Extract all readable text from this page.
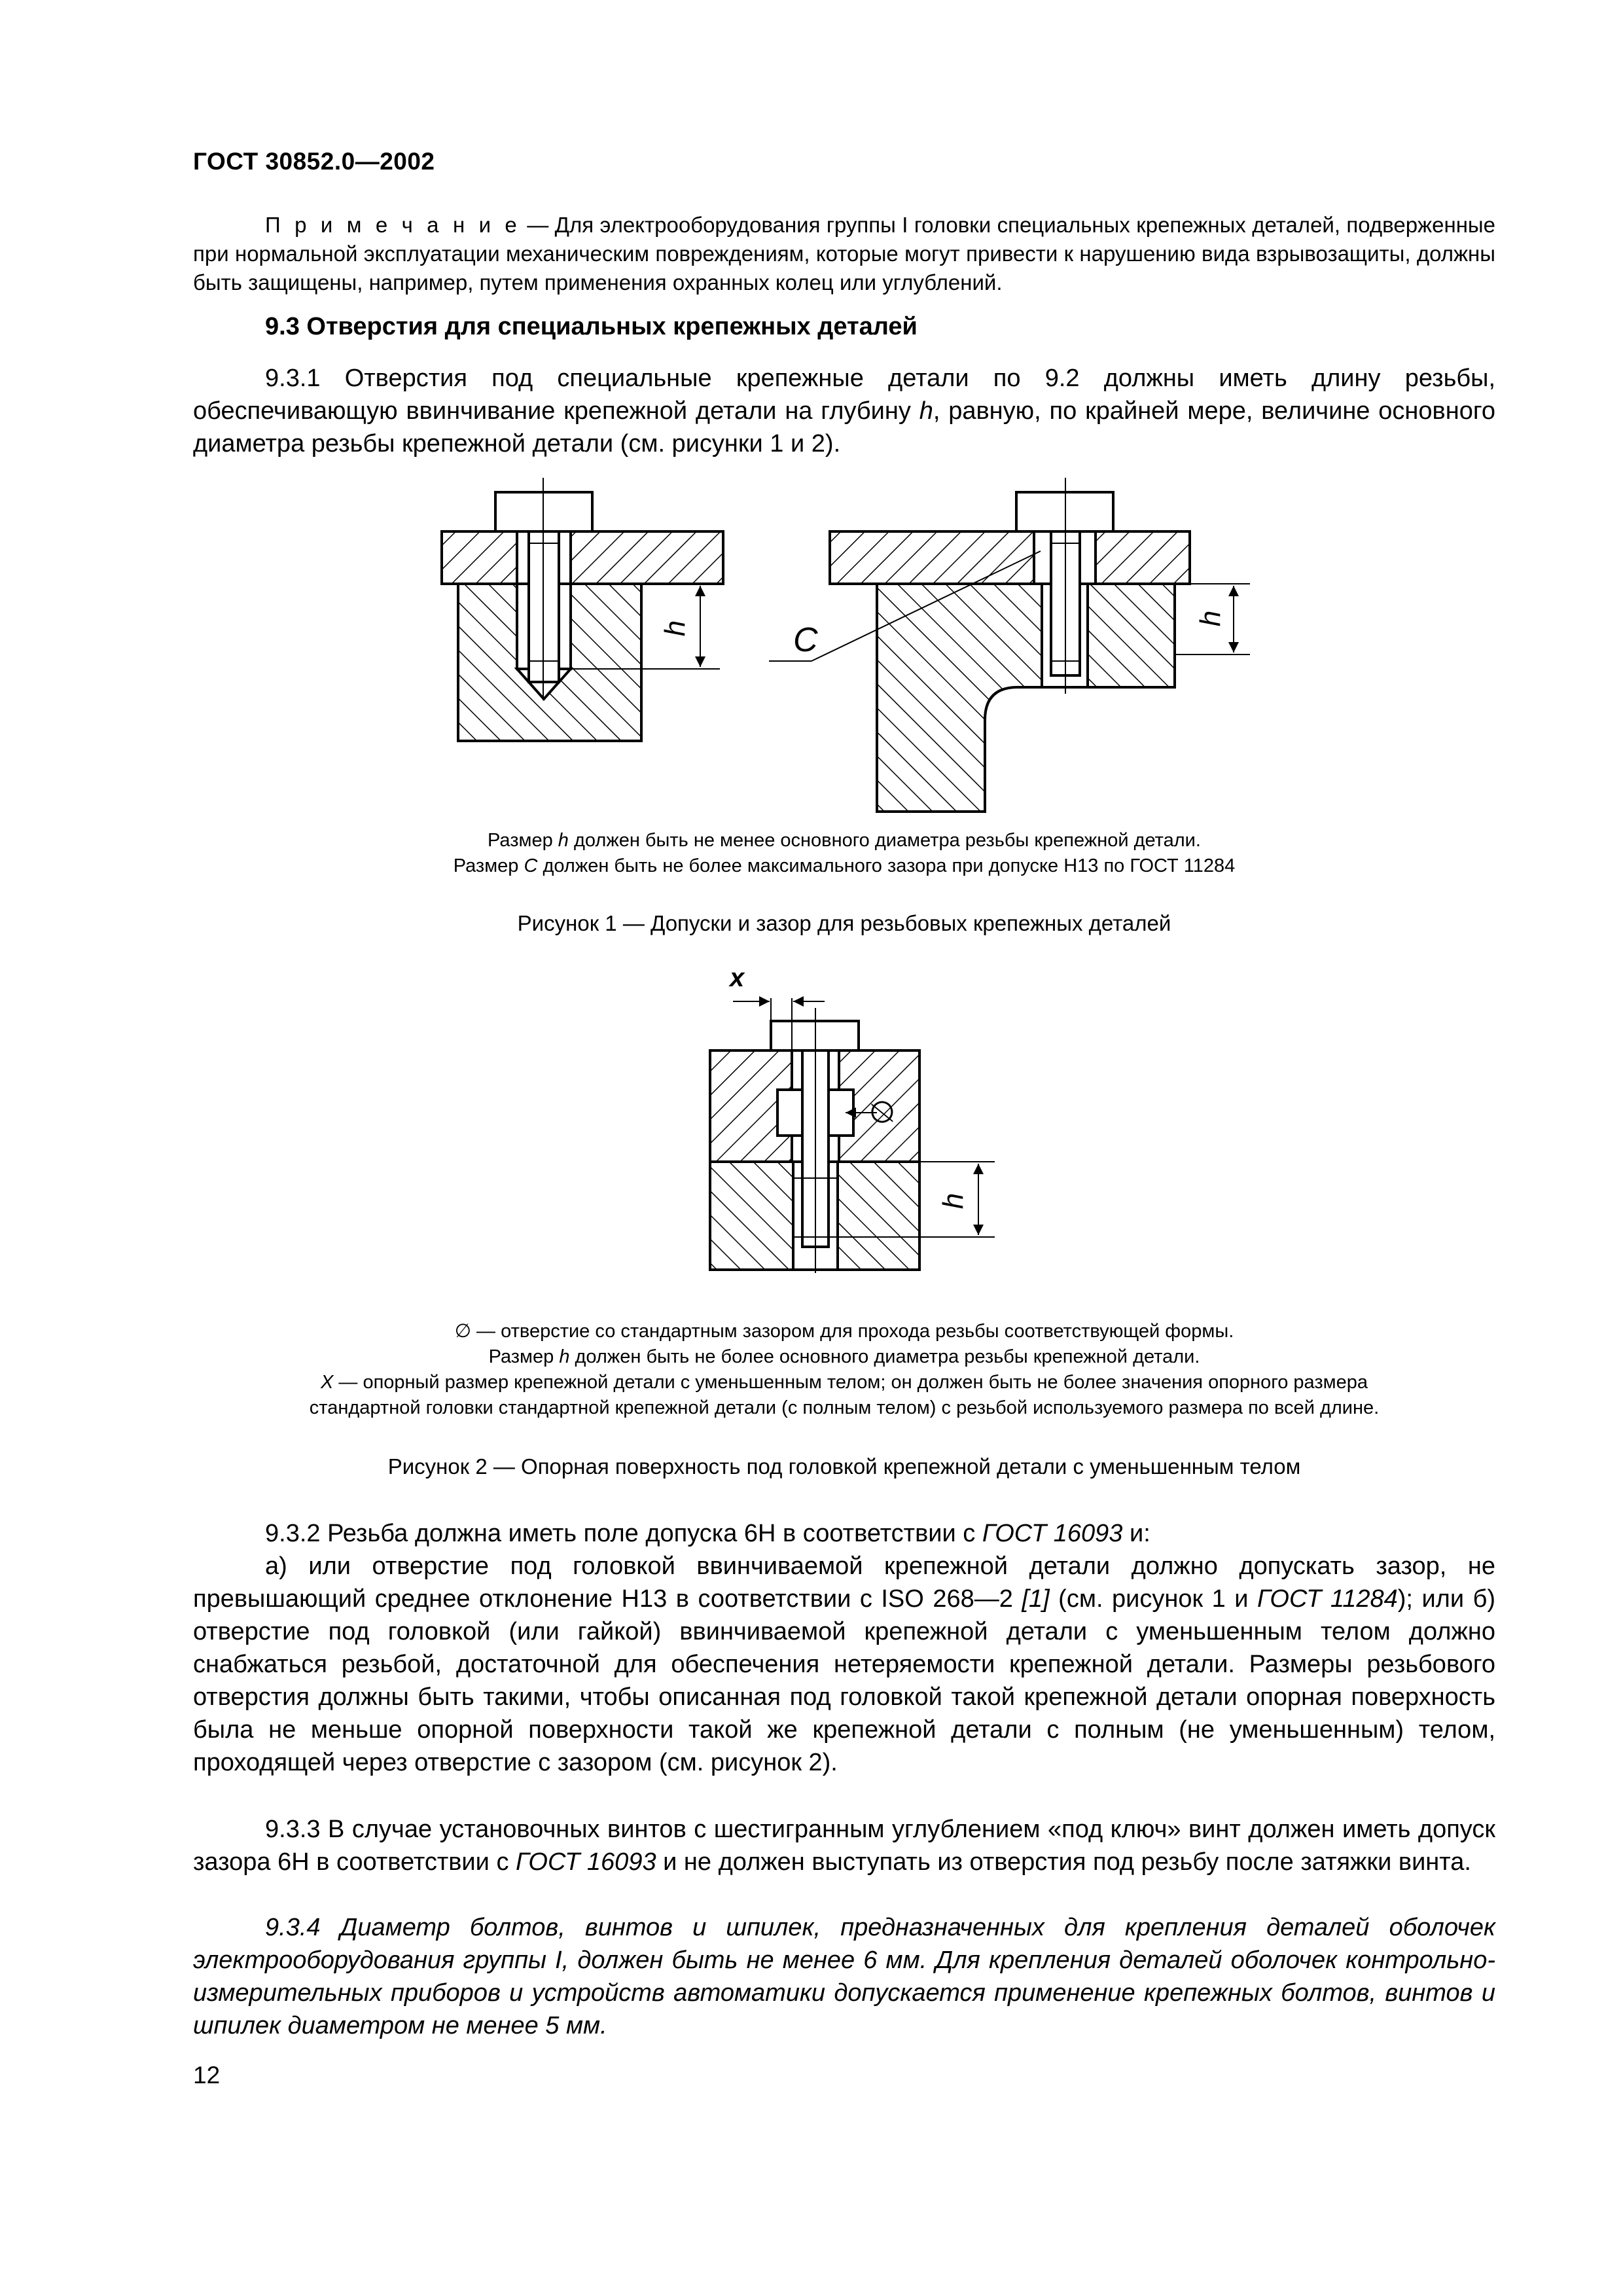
ГОСТ 30852.0—2002
П р и м е ч а н и е — Для электрооборудования группы I головки специальных крепежных деталей, подверженные при нормальной эксплуатации механическим повреждениям, которые могут привести к нарушению вида взрывозащиты, должны быть защищены, например, путем применения охранных колец или углублений.
9.3 Отверстия для специальных крепежных деталей
9.3.1 Отверстия под специальные крепежные детали по 9.2 должны иметь длину резьбы, обеспечивающую ввинчивание крепежной детали на глубину h, равную, по крайней мере, величине основного диаметра резьбы крепежной детали (см. рисунки 1 и 2).
h
h
C
x
∅
h
Размер h должен быть не менее основного диаметра резьбы крепежной детали.
Размер С должен быть не более максимального зазора при допуске Н13 по ГОСТ 11284
Рисунок 1 — Допуски и зазор для резьбовых крепежных деталей
∅ — отверстие со стандартным зазором для прохода резьбы соответствующей формы.
Размер h должен быть не более основного диаметра резьбы крепежной детали.
Х — опорный размер крепежной детали с уменьшенным телом; он должен быть не более значения опорного размера
стандартной головки стандартной крепежной детали (с полным телом) с резьбой используемого размера по всей длине.
Рисунок 2 — Опорная поверхность под головкой крепежной детали с уменьшенным телом
9.3.2 Резьба должна иметь поле допуска 6Н в соответствии с ГОСТ 16093 и:
а) или отверстие под головкой ввинчиваемой крепежной детали должно допускать зазор, не превышающий среднее отклонение Н13 в соответствии с ISO 268—2 [1] (см. рисунок 1 и ГОСТ 11284); или б) отверстие под головкой (или гайкой) ввинчиваемой крепежной детали с уменьшенным телом должно снабжаться резьбой, достаточной для обеспечения нетеряемости крепежной детали. Размеры резьбового отверстия должны быть такими, чтобы описанная под головкой такой крепежной детали опорная поверхность была не меньше опорной поверхности такой же крепежной детали с полным (не уменьшенным) телом, проходящей через отверстие с зазором (см. рисунок 2).
9.3.3 В случае установочных винтов с шестигранным углублением «под ключ» винт должен иметь допуск зазора 6Н в соответствии с ГОСТ 16093 и не должен выступать из отверстия под резьбу после затяжки винта.
9.3.4 Диаметр болтов, винтов и шпилек, предназначенных для крепления деталей оболочек электрооборудования группы I, должен быть не менее 6 мм. Для крепления деталей оболочек контрольно-измерительных приборов и устройств автоматики допускается применение крепежных болтов, винтов и шпилек диаметром не менее 5 мм.
12
